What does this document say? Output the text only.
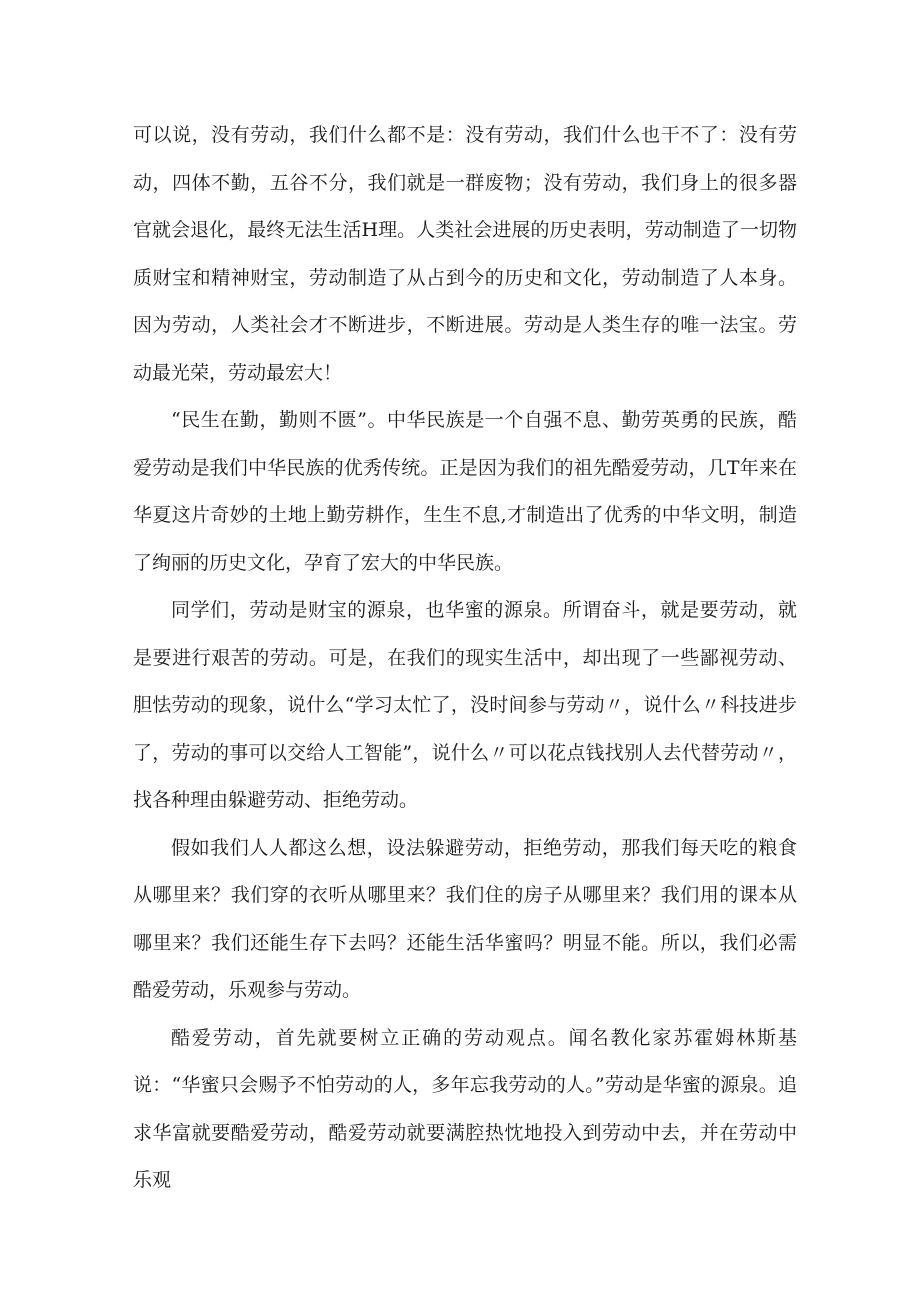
可以说，没有劳动，我们什么都不是：没有劳动，我们什么也干不了：没有劳动，四体不勤，五谷不分，我们就是一群废物；没有劳动，我们身上的很多器官就会退化，最终无法生活H理。人类社会进展的历史表明，劳动制造了一切物质财宝和精神财宝，劳动制造了从占到今的历史和文化，劳动制造了人本身。因为劳动，人类社会才不断进步，不断进展。劳动是人类生存的唯一法宝。劳动最光荣，劳动最宏大！

“民生在勤，勤则不匮”。中华民族是一个自强不息、勤劳英勇的民族，酷爱劳动是我们中华民族的优秀传统。正是因为我们的祖先酷爱劳动，几T年来在华夏这片奇妙的土地上勤劳耕作，生生不息,才制造出了优秀的中华文明，制造了绚丽的历史文化，孕育了宏大的中华民族。

同学们，劳动是财宝的源泉，也华蜜的源泉。所谓奋斗，就是要劳动，就是要进行艰苦的劳动。可是，在我们的现实生活中，却出现了一些鄙视劳动、胆怯劳动的现象，说什么“学习太忙了，没时间参与劳动〃，说什么〃科技进步了，劳动的事可以交给人工智能”，说什么〃可以花点钱找别人去代替劳动〃，找各种理由躲避劳动、拒绝劳动。

假如我们人人都这么想，设法躲避劳动，拒绝劳动，那我们每天吃的粮食从哪里来？我们穿的衣听从哪里来？我们住的房子从哪里来？我们用的课本从哪里来？我们还能生存下去吗？还能生活华蜜吗？明显不能。所以，我们必需酷爱劳动，乐观参与劳动。

酷爱劳动，首先就要树立正确的劳动观点。闻名教化家苏霍姆林斯基说：“华蜜只会赐予不怕劳动的人，多年忘我劳动的人。”劳动是华蜜的源泉。追求华富就要酷爱劳动，酷爱劳动就要满腔热忱地投入到劳动中去，并在劳动中乐观
